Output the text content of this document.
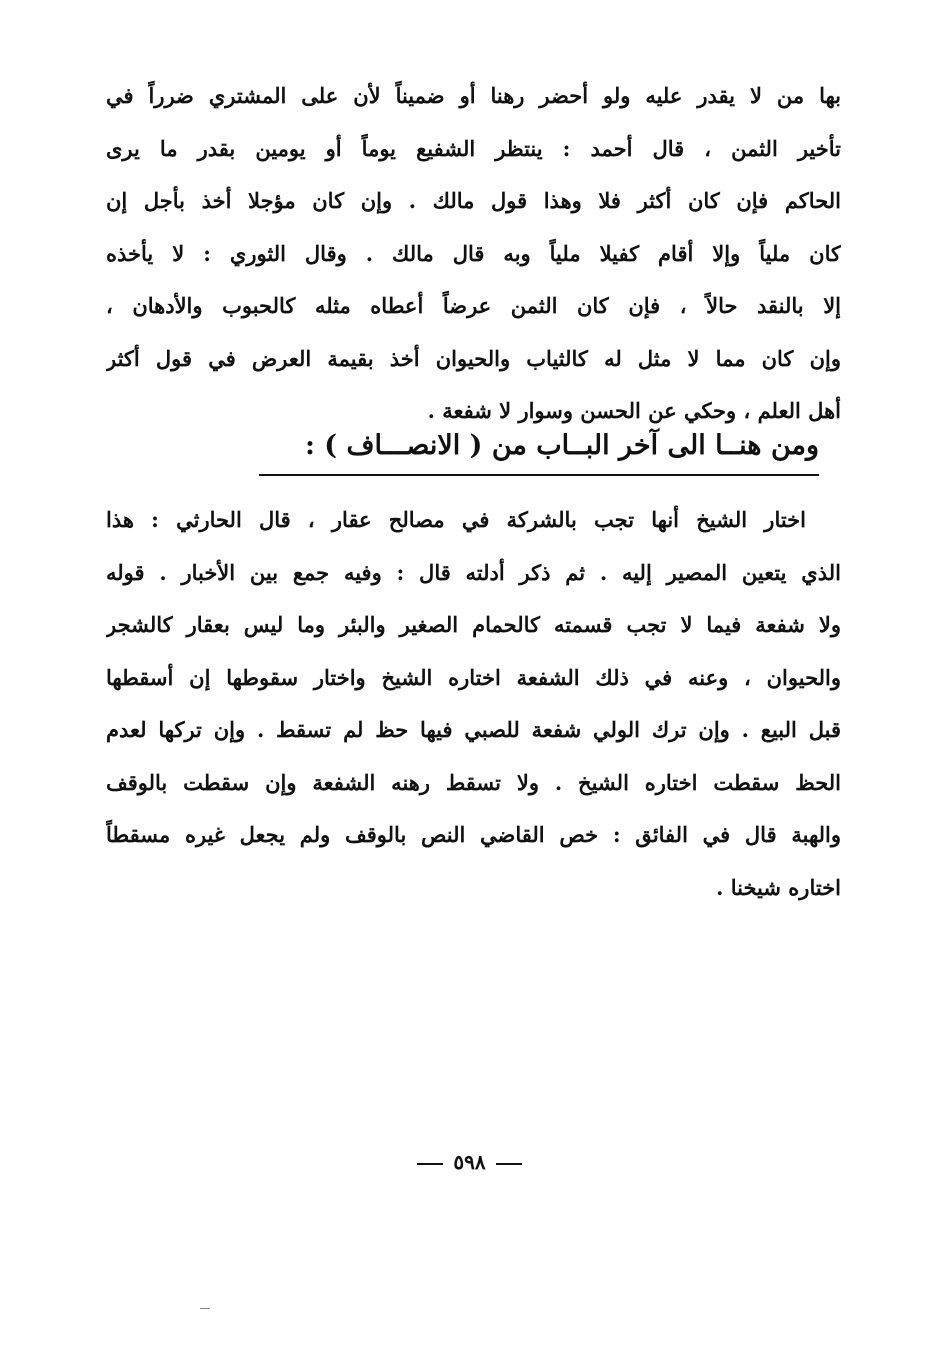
بها من لا يقدر عليه ولو أحضر رهنا أو ضميناً لأن على المشتري ضرراً في
تأخير الثمن ، قال أحمد : ينتظر الشفيع يوماً أو يومين بقدر ما يرى
الحاكم فإن كان أكثر فلا وهذا قول مالك . وإن كان مؤجلا أخذ بأجل إن
كان ملياً وإلا أقام كفيلا ملياً وبه قال مالك . وقال الثوري : لا يأخذه
إلا بالنقد حالاً ، فإن كان الثمن عرضاً أعطاه مثله كالحبوب والأدهان ،
وإن كان مما لا مثل له كالثياب والحيوان أخذ بقيمة العرض في قول أكثر
أهل العلم ، وحكي عن الحسن وسوار لا شفعة .
ومن هنــا الى آخر البــاب من ( الانصـــاف ) :
اختار الشيخ أنها تجب بالشركة في مصالح عقار ، قال الحارثي : هذا
الذي يتعين المصير إليه . ثم ذكر أدلته قال : وفيه جمع بين الأخبار . قوله
ولا شفعة فيما لا تجب قسمته كالحمام الصغير والبئر وما ليس بعقار كالشجر
والحيوان ، وعنه في ذلك الشفعة اختاره الشيخ واختار سقوطها إن أسقطها
قبل البيع . وإن ترك الولي شفعة للصبي فيها حظ لم تسقط . وإن تركها لعدم
الحظ سقطت اختاره الشيخ . ولا تسقط رهنه الشفعة وإن سقطت بالوقف
والهبة قال في الفائق : خص القاضي النص بالوقف ولم يجعل غيره مسقطاً
اختاره شيخنا .
٥٩٨
